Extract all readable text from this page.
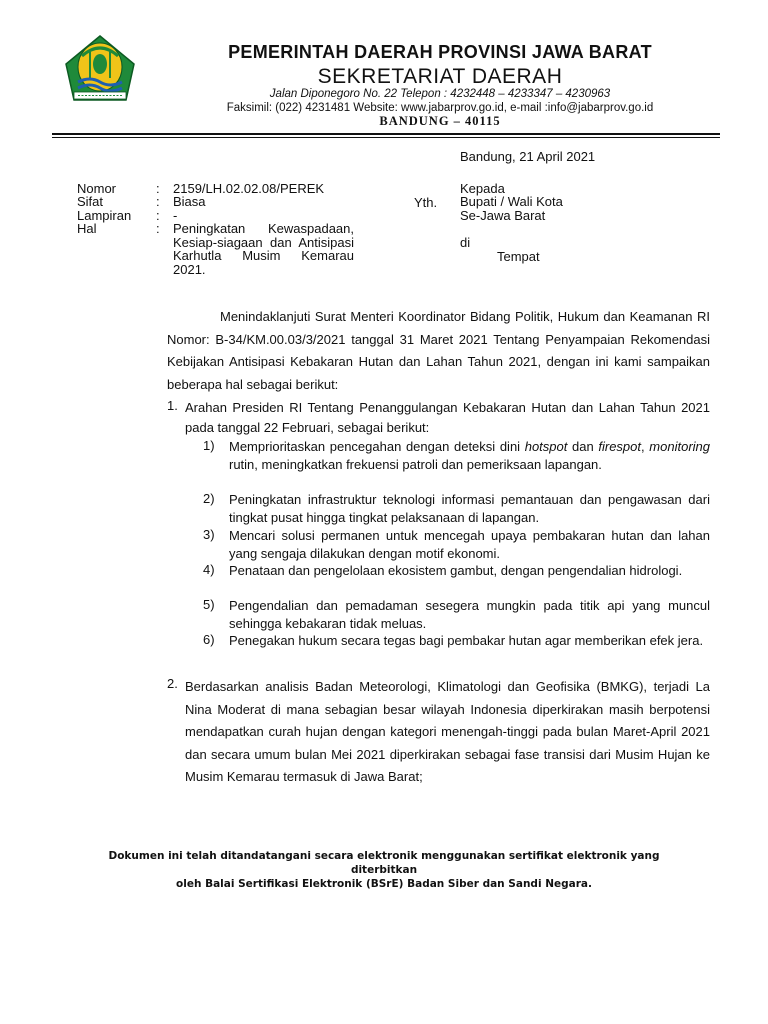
PEMERINTAH DAERAH PROVINSI JAWA BARAT
SEKRETARIAT DAERAH
Jalan Diponegoro No. 22 Telepon : 4232448 – 4233347 – 4230963
Faksimil: (022) 4231481 Website: www.jabarprov.go.id, e-mail :info@jabarprov.go.id
BANDUNG – 40115
Bandung, 21 April 2021
Nomor	: 2159/LH.02.02.08/PEREK
Sifat	: Biasa
Lampiran : -
Hal	: Peningkatan Kewaspadaan, Kesiap-siagaan dan Antisipasi Karhutla Musim Kemarau 2021.
Kepada
Yth. Bupati / Wali Kota
Se-Jawa Barat
di
Tempat
Menindaklanjuti Surat Menteri Koordinator Bidang Politik, Hukum dan Keamanan RI Nomor: B-34/KM.00.03/3/2021 tanggal 31 Maret 2021 Tentang Penyampaian Rekomendasi Kebijakan Antisipasi Kebakaran Hutan dan Lahan Tahun 2021, dengan ini kami sampaikan beberapa hal sebagai berikut:
1. Arahan Presiden RI Tentang Penanggulangan Kebakaran Hutan dan Lahan Tahun 2021 pada tanggal 22 Februari, sebagai berikut:
1) Memprioritaskan pencegahan dengan deteksi dini hotspot dan firespot, monitoring rutin, meningkatkan frekuensi patroli dan pemeriksaan lapangan.
2) Peningkatan infrastruktur teknologi informasi pemantauan dan pengawasan dari tingkat pusat hingga tingkat pelaksanaan di lapangan.
3) Mencari solusi permanen untuk mencegah upaya pembakaran hutan dan lahan yang sengaja dilakukan dengan motif ekonomi.
4) Penataan dan pengelolaan ekosistem gambut, dengan pengendalian hidrologi.
5) Pengendalian dan pemadaman sesegera mungkin pada titik api yang muncul sehingga kebakaran tidak meluas.
6) Penegakan hukum secara tegas bagi pembakar hutan agar memberikan efek jera.
2. Berdasarkan analisis Badan Meteorologi, Klimatologi dan Geofisika (BMKG), terjadi La Nina Moderat di mana sebagian besar wilayah Indonesia diperkirakan masih berpotensi mendapatkan curah hujan dengan kategori menengah-tinggi pada bulan Maret-April 2021 dan secara umum bulan Mei 2021 diperkirakan sebagai fase transisi dari Musim Hujan ke Musim Kemarau termasuk di Jawa Barat;
Dokumen ini telah ditandatangani secara elektronik menggunakan sertifikat elektronik yang diterbitkan
oleh Balai Sertifikasi Elektronik (BSrE) Badan Siber dan Sandi Negara.
